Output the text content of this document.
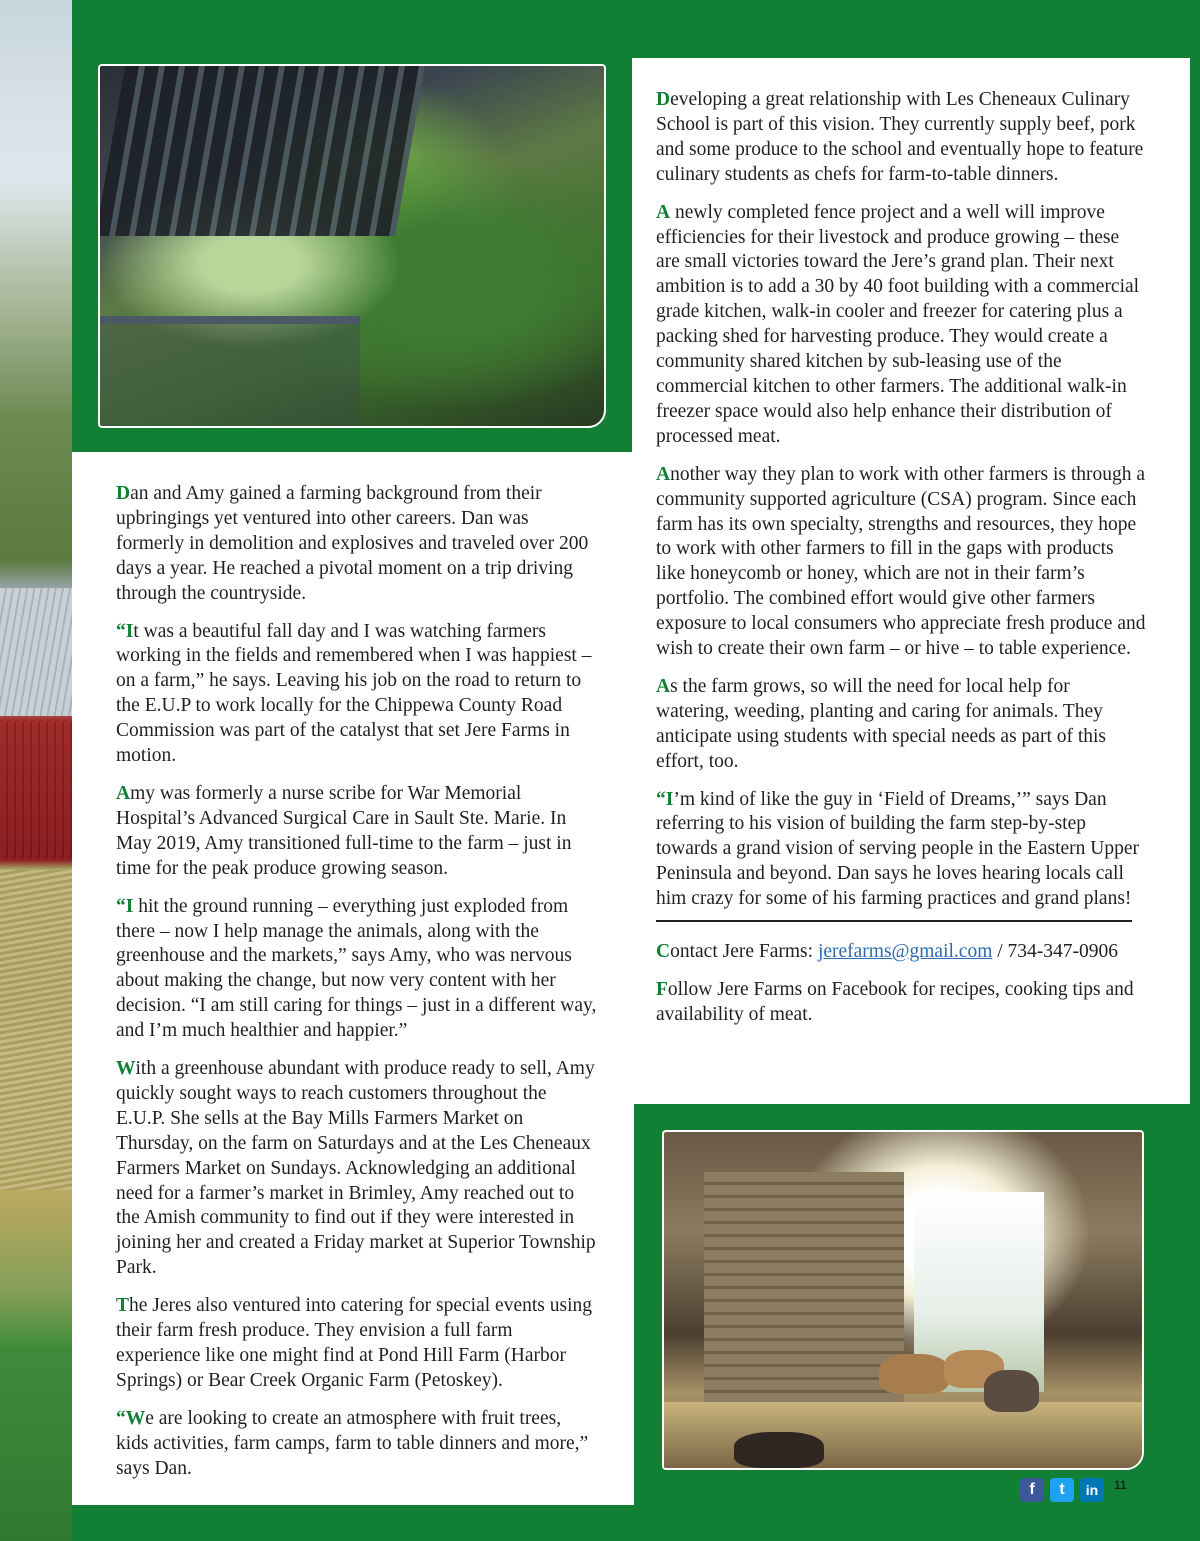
Dan and Amy gained a farming background from their upbringings yet ventured into other careers. Dan was formerly in demolition and explosives and traveled over 200 days a year. He reached a pivotal moment on a trip driving through the countryside.

“It was a beautiful fall day and I was watching farmers working in the fields and remembered when I was happiest – on a farm,” he says. Leaving his job on the road to return to the E.U.P to work locally for the Chippewa County Road Commission was part of the catalyst that set Jere Farms in motion.

Amy was formerly a nurse scribe for War Memorial Hospital’s Advanced Surgical Care in Sault Ste. Marie. In May 2019, Amy transitioned full-time to the farm – just in time for the peak produce growing season.

“I hit the ground running – everything just exploded from there – now I help manage the animals, along with the greenhouse and the markets,” says Amy, who was nervous about making the change, but now very content with her decision. “I am still caring for things – just in a different way, and I’m much healthier and happier.”

With a greenhouse abundant with produce ready to sell, Amy quickly sought ways to reach customers throughout the E.U.P. She sells at the Bay Mills Farmers Market on Thursday, on the farm on Saturdays and at the Les Cheneaux Farmers Market on Sundays. Acknowledging an additional need for a farmer’s market in Brimley, Amy reached out to the Amish community to find out if they were interested in joining her and created a Friday market at Superior Township Park.

The Jeres also ventured into catering for special events using their farm fresh produce. They envision a full farm experience like one might find at Pond Hill Farm (Harbor Springs) or Bear Creek Organic Farm (Petoskey).

“We are looking to create an atmosphere with fruit trees, kids activities, farm camps, farm to table dinners and more,” says Dan.

Developing a great relationship with Les Cheneaux Culinary School is part of this vision. They currently supply beef, pork and some produce to the school and eventually hope to feature culinary students as chefs for farm-to-table dinners.

A newly completed fence project and a well will improve efficiencies for their livestock and produce growing – these are small victories toward the Jere’s grand plan. Their next ambition is to add a 30 by 40 foot building with a commercial grade kitchen, walk-in cooler and freezer for catering plus a packing shed for harvesting produce. They would create a community shared kitchen by sub-leasing use of the commercial kitchen to other farmers. The additional walk-in freezer space would also help enhance their distribution of processed meat.

Another way they plan to work with other farmers is through a community supported agriculture (CSA) program. Since each farm has its own specialty, strengths and resources, they hope to work with other farmers to fill in the gaps with products like honeycomb or honey, which are not in their farm’s portfolio. The combined effort would give other farmers exposure to local consumers who appreciate fresh produce and wish to create their own farm – or hive – to table experience.

As the farm grows, so will the need for local help for watering, weeding, planting and caring for animals. They anticipate using students with special needs as part of this effort, too.

“I’m kind of like the guy in ‘Field of Dreams,’” says Dan referring to his vision of building the farm step-by-step towards a grand vision of serving people in the Eastern Upper Peninsula and beyond. Dan says he loves hearing locals call him crazy for some of his farming practices and grand plans!

Contact Jere Farms: jerefarms@gmail.com / 734-347-0906

Follow Jere Farms on Facebook for recipes, cooking tips and availability of meat.

f	t	in	11
